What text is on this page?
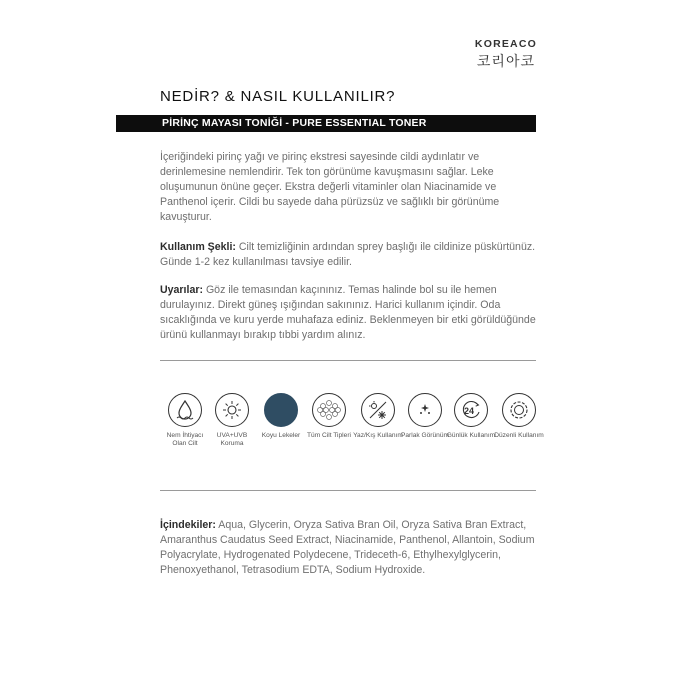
KOREACO
코리아코
NEDİR? & NASIL KULLANILIR?
PİRİNÇ MAYASI TONİĞİ - PURE ESSENTIAL TONER
İçeriğindeki pirinç yağı ve pirinç ekstresi sayesinde cildi aydınlatır ve derinlemesine nemlendirir. Tek ton görünüme kavuşmasını sağlar. Leke oluşumunun önüne geçer. Ekstra değerli vitaminler olan Niacinamide ve Panthenol içerir. Cildi bu sayede daha pürüzsüz ve sağlıklı bir görünüme kavuşturur.
Kullanım Şekli: Cilt temizliğinin ardından sprey başlığı ile cildinize püskürtünüz. Günde 1-2 kez kullanılması tavsiye edilir.
Uyarılar: Göz ile temasından kaçınınız. Temas halinde bol su ile hemen durulayınız. Direkt güneş ışığından sakınınız. Harici kullanım içindir. Oda sıcaklığında ve kuru yerde muhafaza ediniz. Beklenmeyen bir etki görüldüğünde ürünü kullanmayı bırakıp tıbbi yardım alınız.
Nem İhtiyacı Olan Cilt
UVA+UVB Koruma
Koyu Lekeler	Tüm Cilt Tipleri Yaz/Kış Kullanım
Parlak Görünüm
24
Günlük Kullanım Düzenli Kullanım
İçindekiler: Aqua, Glycerin, Oryza Sativa Bran Oil, Oryza Sativa Bran Extract, Amaranthus Caudatus Seed Extract, Niacinamide, Panthenol, Allantoin, Sodium Polyacrylate, Hydrogenated Polydecene, Trideceth-6, Ethylhexylglycerin, Phenoxyethanol, Tetrasodium EDTA, Sodium Hydroxide.
